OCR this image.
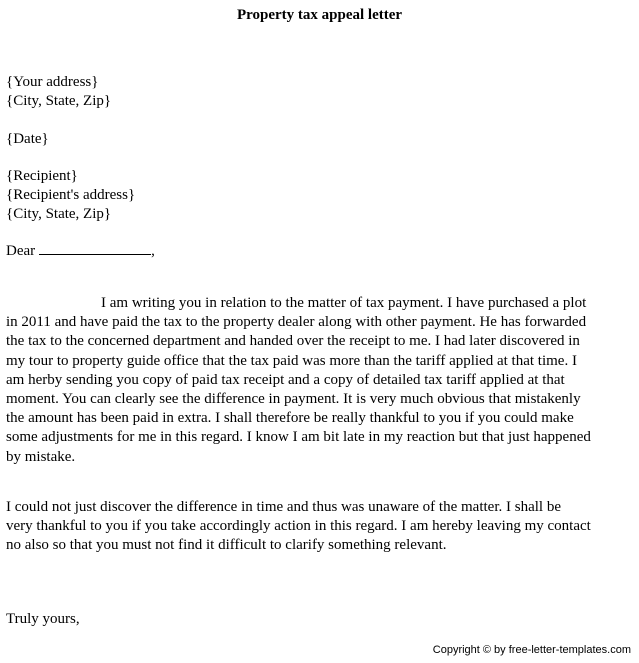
Property tax appeal letter
{Your address}
{City, State, Zip}
{Date}
{Recipient}
{Recipient's address}
{City, State, Zip}
Dear	,
I am writing you in relation to the matter of tax payment. I have purchased a plot
in 2011 and have paid the tax to the property dealer along with other payment. He has forwarded
the tax to the concerned department and handed over the receipt to me. I had later discovered in
my tour to property guide office that the tax paid was more than the tariff applied at that time. I
am herby sending you copy of paid tax receipt and a copy of detailed tax tariff applied at that
moment. You can clearly see the difference in payment. It is very much obvious that mistakenly
the amount has been paid in extra. I shall therefore be really thankful to you if you could make
some adjustments for me in this regard. I know I am bit late in my reaction but that just happened
by mistake.
I could not just discover the difference in time and thus was unaware of the matter. I shall be
very thankful to you if you take accordingly action in this regard. I am hereby leaving my contact
no also so that you must not find it difficult to clarify something relevant.
Truly yours,
Copyright © by free-letter-templates.com
